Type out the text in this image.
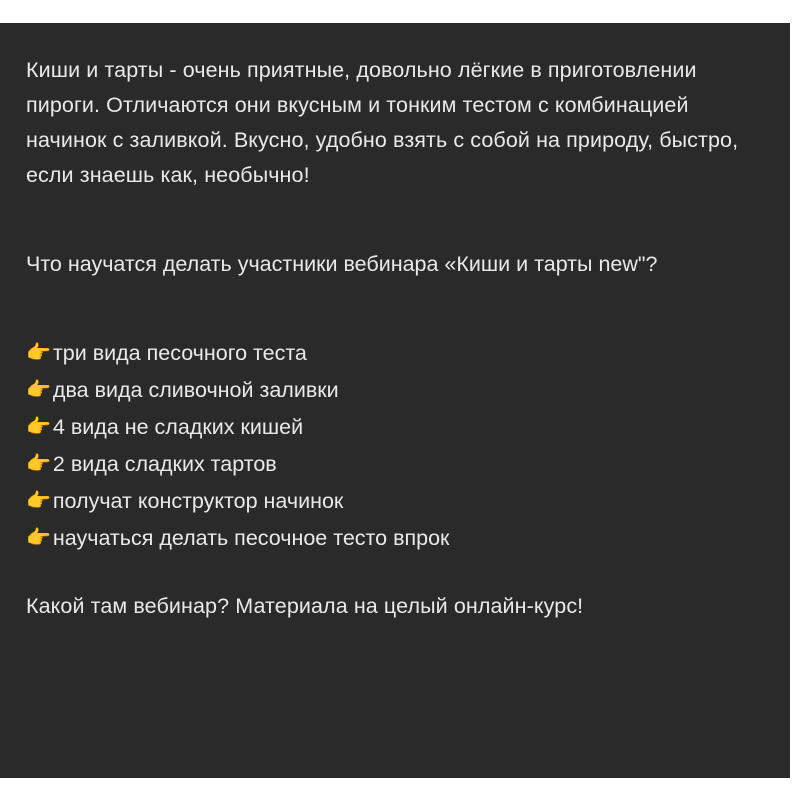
Киши и тарты - очень приятные, довольно лёгкие в приготовлении пироги. Отличаются они вкусным и тонким тестом с комбинацией начинок с заливкой. Вкусно, удобно взять с собой на природу, быстро, если знаешь как, необычно!

Что научатся делать участники вебинара «Киши и тарты new"?

👉 три вида песочного теста
👉 два вида сливочной заливки
👉 4 вида не сладких кишей
👉 2 вида сладких тартов
👉 получат конструктор начинок
👉 научаться делать песочное тесто впрок

Какой там вебинар? Материала на целый онлайн-курс!
